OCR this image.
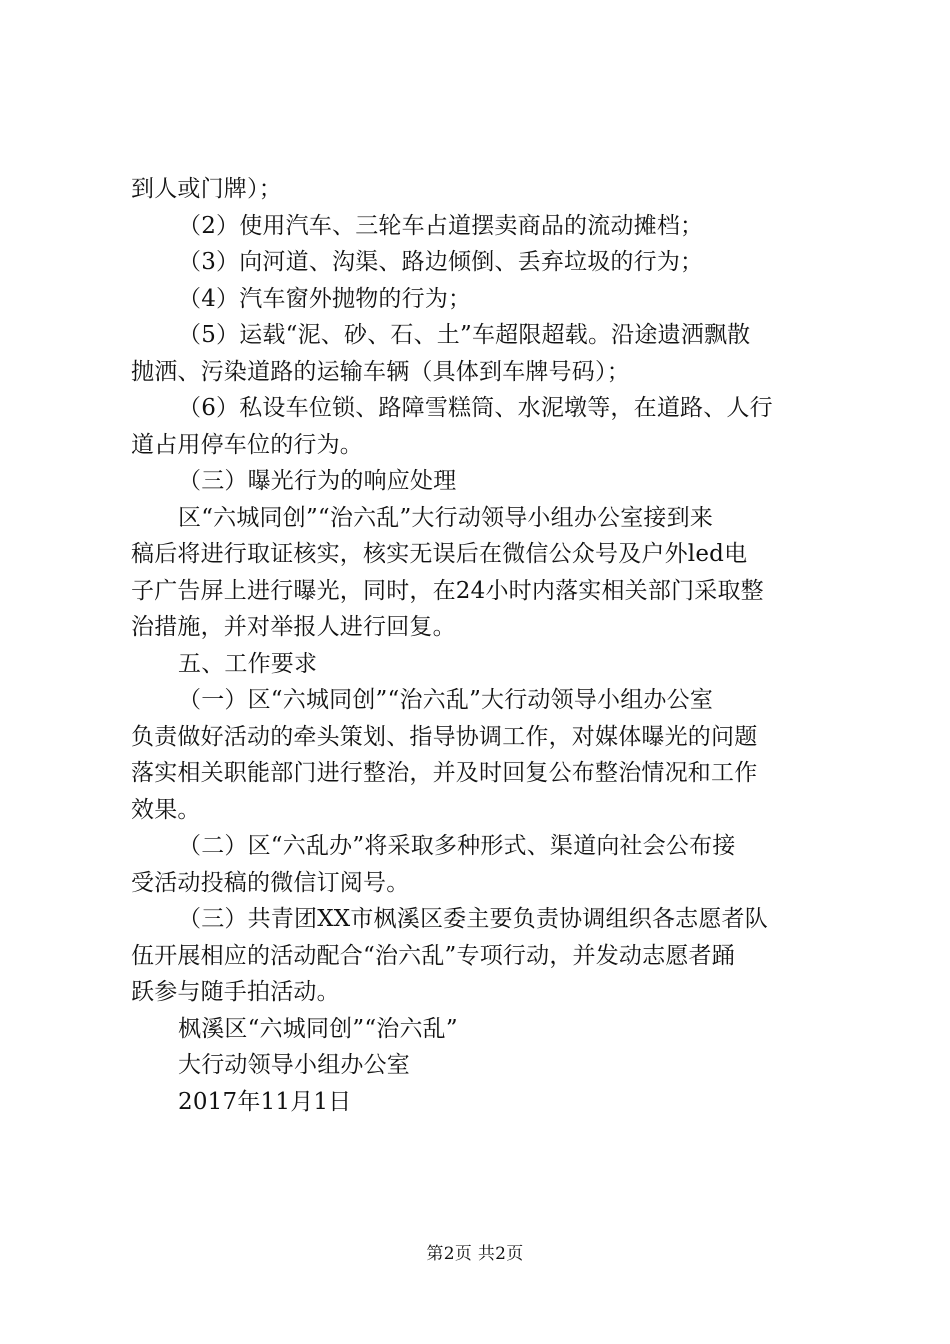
到人或门牌）；
（2）使用汽车、三轮车占道摆卖商品的流动摊档；
（3）向河道、沟渠、路边倾倒、丢弃垃圾的行为；
（4）汽车窗外抛物的行为；
（5）运载“泥、砂、石、土”车超限超载。沿途遗洒飘散
抛洒、污染道路的运输车辆（具体到车牌号码）；
（6）私设车位锁、路障雪糕筒、水泥墩等，在道路、人行
道占用停车位的行为。
（三）曝光行为的响应处理
区“六城同创”“治六乱”大行动领导小组办公室接到来
稿后将进行取证核实，核实无误后在微信公众号及户外led电
子广告屏上进行曝光，同时，在24小时内落实相关部门采取整
治措施，并对举报人进行回复。
五、工作要求
（一）区“六城同创”“治六乱”大行动领导小组办公室
负责做好活动的牵头策划、指导协调工作，对媒体曝光的问题
落实相关职能部门进行整治，并及时回复公布整治情况和工作
效果。
（二）区“六乱办”将采取多种形式、渠道向社会公布接
受活动投稿的微信订阅号。
（三）共青团XX市枫溪区委主要负责协调组织各志愿者队
伍开展相应的活动配合“治六乱”专项行动，并发动志愿者踊
跃参与随手拍活动。
枫溪区“六城同创”“治六乱”
大行动领导小组办公室
2017年11月1日
第2页 共2页
